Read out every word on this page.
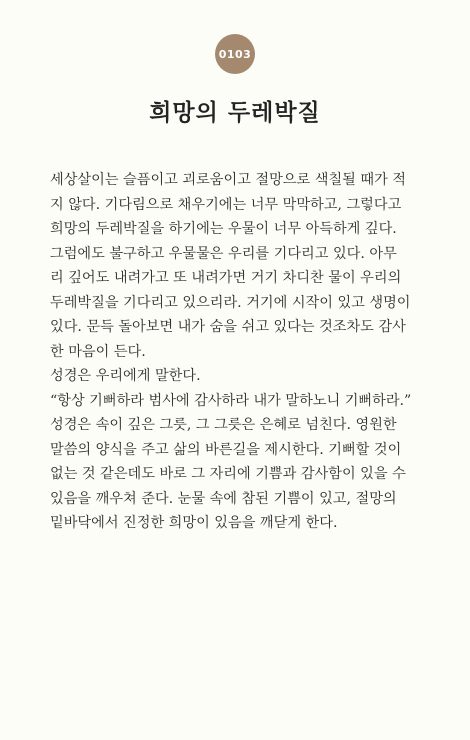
0103
희망의 두레박질
세상살이는 슬픔이고 괴로움이고 절망으로 색칠될 때가 적
지 않다. 기다림으로 채우기에는 너무 막막하고, 그렇다고
희망의 두레박질을 하기에는 우물이 너무 아득하게 깊다.
그럼에도 불구하고 우물물은 우리를 기다리고 있다. 아무
리 깊어도 내려가고 또 내려가면 거기 차디찬 물이 우리의
두레박질을 기다리고 있으리라. 거기에 시작이 있고 생명이
있다. 문득 돌아보면 내가 숨을 쉬고 있다는 것조차도 감사
한 마음이 든다.
성경은 우리에게 말한다.
“항상 기뻐하라 범사에 감사하라 내가 말하노니 기뻐하라.”
성경은 속이 깊은 그릇, 그 그릇은 은혜로 넘친다. 영원한
말씀의 양식을 주고 삶의 바른길을 제시한다. 기뻐할 것이
없는 것 같은데도 바로 그 자리에 기쁨과 감사함이 있을 수
있음을 깨우쳐 준다. 눈물 속에 참된 기쁨이 있고, 절망의
밑바닥에서 진정한 희망이 있음을 깨닫게 한다.
